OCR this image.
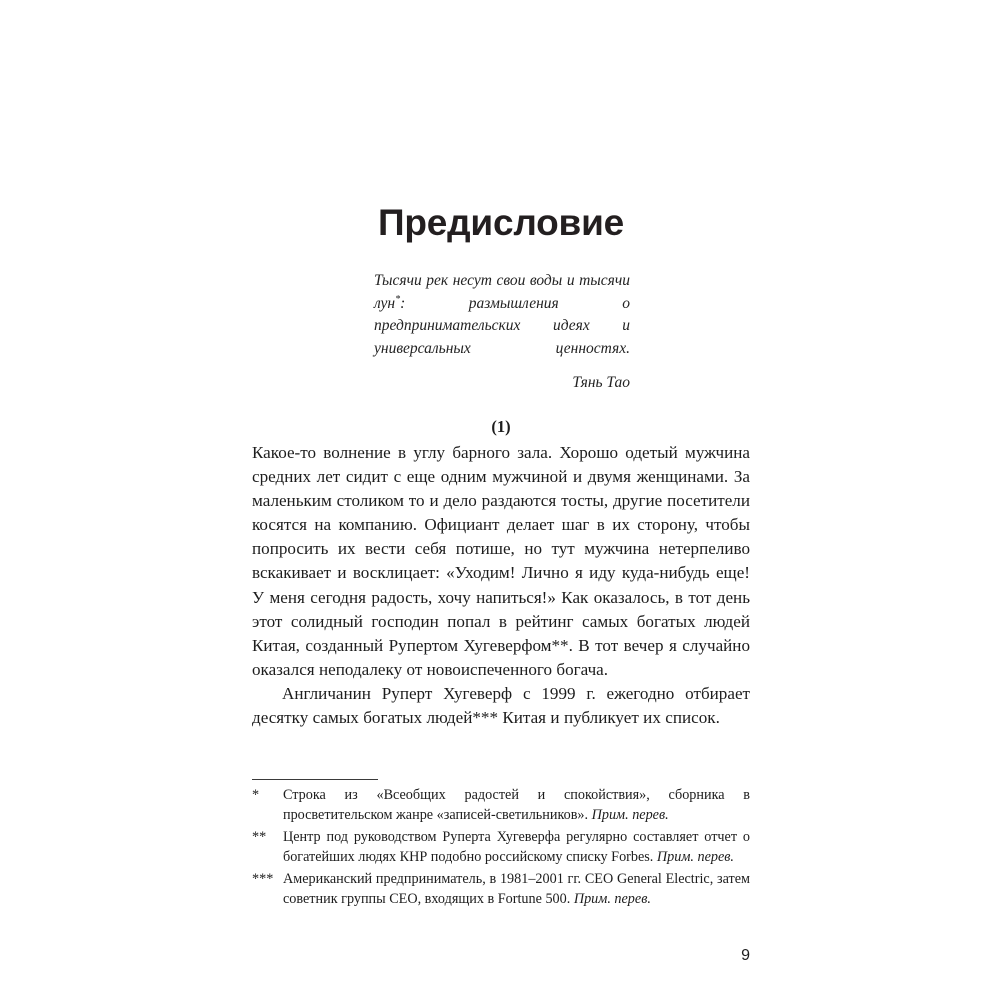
Предисловие
Тысячи рек несут свои воды и тысячи лун*: размышления	о предпринимательских идеях и универсальных ценностях.
Тянь Тао
(1)

Какое-то волнение в углу барного зала. Хорошо одетый мужчина средних лет сидит с еще одним мужчиной и двумя женщинами. За маленьким столиком то и дело раздаются тосты, другие посетители косятся на компанию. Официант делает шаг в их сторону, чтобы попросить их вести себя потише, но тут мужчина нетерпеливо вскакивает и восклицает: «Уходим! Лично я иду куда-нибудь еще! У меня сегодня радость, хочу напиться!» Как оказалось, в тот день этот солидный господин попал в рейтинг самых богатых людей Китая, созданный Рупертом Хугеверфом**. В тот вечер я случайно оказался неподалеку от новоиспеченного богача.

Англичанин Руперт Хугеверф с 1999 г. ежегодно отбирает десятку самых богатых людей*** Китая и публикует их список.

*	Строка из «Всеобщих радостей и спокойствия», сборника в просветительском жанре «записей-светильников». Прим. перев.
**	Центр под руководством Руперта Хугеверфа регулярно составляет отчет о богатейших людях КНР подобно российскому списку Forbes. Прим. перев.
*** Американский предприниматель, в 1981–2001 гг. CEO General Electric, затем советник группы CEO, входящих в Fortune 500. Прим. перев.
9
